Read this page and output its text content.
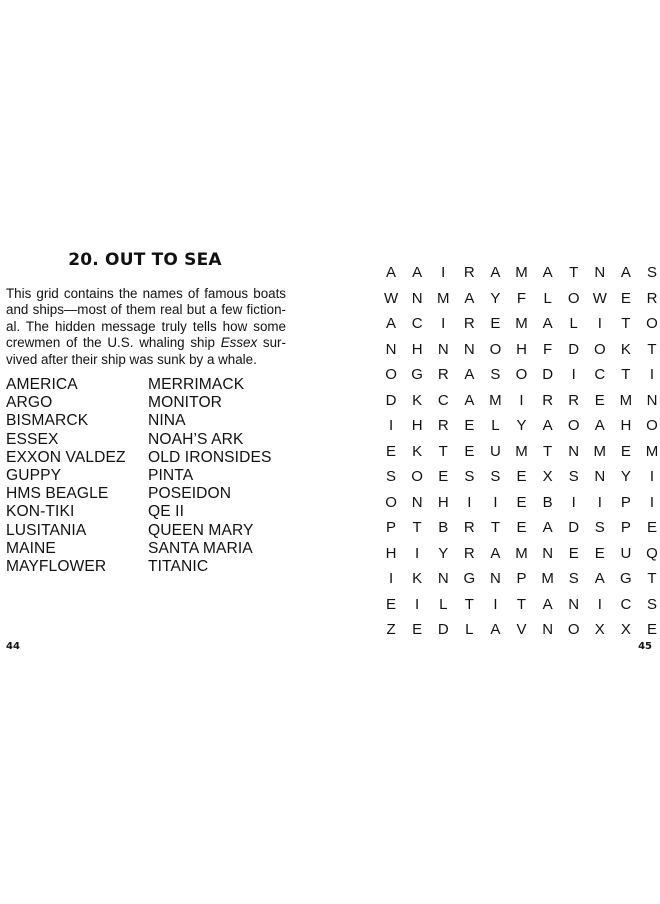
20. OUT TO SEA

This grid contains the names of famous boats and ships—most of them real but a few fiction-al. The hidden message truly tells how some crewmen of the U.S. whaling ship Essex sur-vived after their ship was sunk by a whale.

AMERICA
ARGO
BISMARCK
ESSEX
EXXON VALDEZ
GUPPY
HMS BEAGLE
KON-TIKI
LUSITANIA
MAINE
MAYFLOWER
MERRIMACK
MONITOR
NINA
NOAH’S ARK
OLD IRONSIDES
PINTA
POSEIDON
QE II
QUEEN MARY
SANTA MARIA
TITANIC
44
A	A	I	R	A M A	T	N	A	S
W N M A	Y	F	L	O W E	R
A	C	I	R	E M A	L	I	T	O
N	H	N	N O H	F	D O	K	T
O G R	A	S	O D	I	C	T	I
D	K	C	A M	I	R	R	E M N
I	H	R	E	L	Y	A	O	A	H O
E	K	T	E	U M	T	N M E M
S	O	E	S	S	E	X	S	N	Y	I
O N	H	I	I	E	B	I	I	P	I
P	T	B	R	T	E	A	D	S	P	E
H	I	Y	R	A M N	E	E	U Q
I	K	N G N	P M S	A	G	T
E	I	L	T	I	T	A	N	I	C	S
Z	E	D	L	A	V	N O	X	X	E
45
